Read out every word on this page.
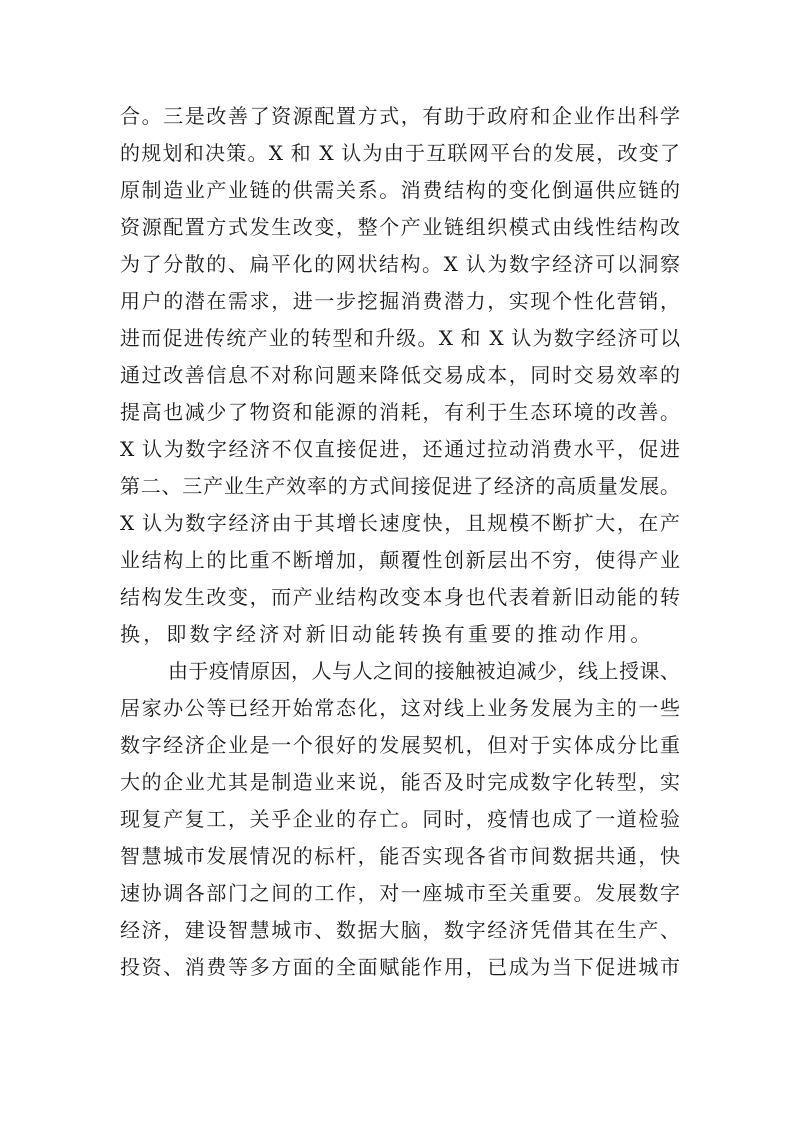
合。三是改善了资源配置方式，有助于政府和企业作出科学
的规划和决策。X 和 X 认为由于互联网平台的发展，改变了
原制造业产业链的供需关系。消费结构的变化倒逼供应链的
资源配置方式发生改变，整个产业链组织模式由线性结构改
为了分散的、扁平化的网状结构。X 认为数字经济可以洞察
用户的潜在需求，进一步挖掘消费潜力，实现个性化营销，
进而促进传统产业的转型和升级。X 和 X 认为数字经济可以
通过改善信息不对称问题来降低交易成本，同时交易效率的
提高也减少了物资和能源的消耗，有利于生态环境的改善。
X 认为数字经济不仅直接促进，还通过拉动消费水平，促进
第二、三产业生产效率的方式间接促进了经济的高质量发展。
X 认为数字经济由于其增长速度快，且规模不断扩大，在产
业结构上的比重不断增加，颠覆性创新层出不穷，使得产业
结构发生改变，而产业结构改变本身也代表着新旧动能的转
换，即数字经济对新旧动能转换有重要的推动作用。
由于疫情原因，人与人之间的接触被迫减少，线上授课、
居家办公等已经开始常态化，这对线上业务发展为主的一些
数字经济企业是一个很好的发展契机，但对于实体成分比重
大的企业尤其是制造业来说，能否及时完成数字化转型，实
现复产复工，关乎企业的存亡。同时，疫情也成了一道检验
智慧城市发展情况的标杆，能否实现各省市间数据共通，快
速协调各部门之间的工作，对一座城市至关重要。发展数字
经济，建设智慧城市、数据大脑，数字经济凭借其在生产、
投资、消费等多方面的全面赋能作用，已成为当下促进城市
